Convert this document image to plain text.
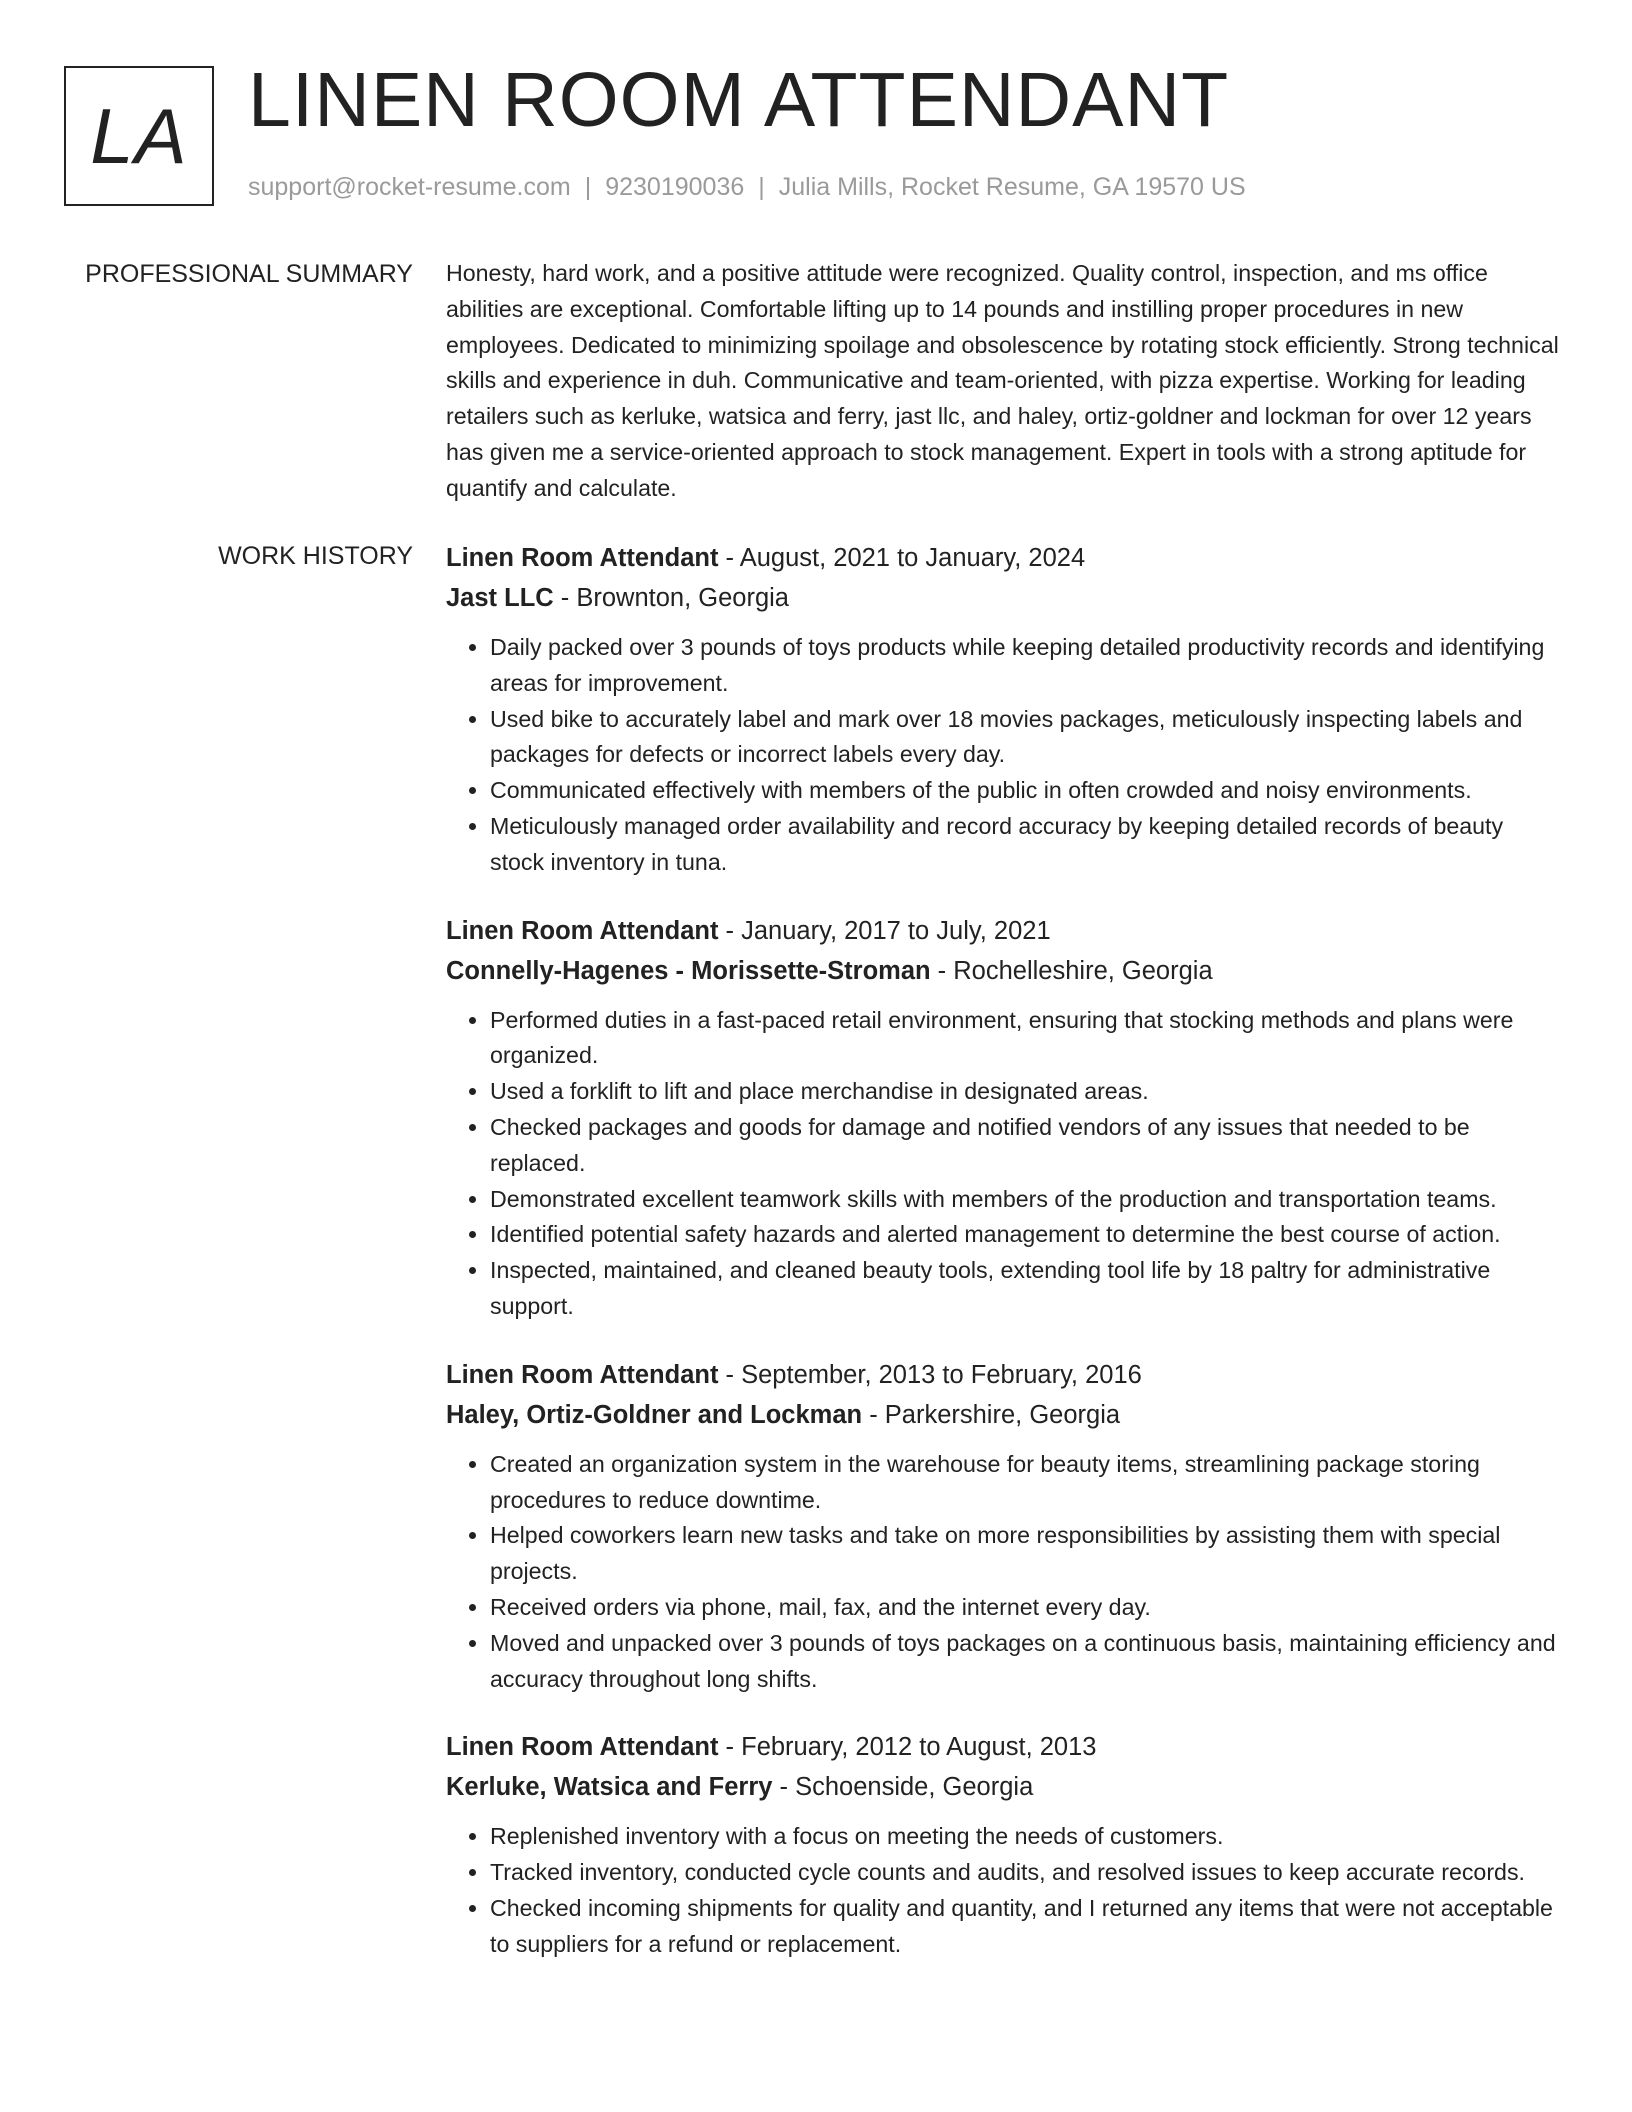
LA LINEN ROOM ATTENDANT
support@rocket-resume.com | 9230190036 | Julia Mills, Rocket Resume, GA 19570 US
PROFESSIONAL SUMMARY Honesty, hard work, and a positive attitude were recognized. Quality control, inspection, and ms office abilities are exceptional. Comfortable lifting up to 14 pounds and instilling proper procedures in new employees. Dedicated to minimizing spoilage and obsolescence by rotating stock efficiently. Strong technical skills and experience in duh. Communicative and team-oriented, with pizza expertise. Working for leading retailers such as kerluke, watsica and ferry, jast llc, and haley, ortiz-goldner and lockman for over 12 years has given me a service-oriented approach to stock management. Expert in tools with a strong aptitude for quantify and calculate.

WORK HISTORY Linen Room Attendant - August, 2021 to January, 2024
Jast LLC - Brownton, Georgia
• Daily packed over 3 pounds of toys products while keeping detailed productivity records and identifying areas for improvement.
• Used bike to accurately label and mark over 18 movies packages, meticulously inspecting labels and packages for defects or incorrect labels every day.
• Communicated effectively with members of the public in often crowded and noisy environments.
• Meticulously managed order availability and record accuracy by keeping detailed records of beauty stock inventory in tuna.
Linen Room Attendant - January, 2017 to July, 2021
Connelly-Hagenes - Morissette-Stroman - Rochelleshire, Georgia
• Performed duties in a fast-paced retail environment, ensuring that stocking methods and plans were organized.
• Used a forklift to lift and place merchandise in designated areas.
• Checked packages and goods for damage and notified vendors of any issues that needed to be replaced.
• Demonstrated excellent teamwork skills with members of the production and transportation teams.
• Identified potential safety hazards and alerted management to determine the best course of action.
• Inspected, maintained, and cleaned beauty tools, extending tool life by 18 paltry for administrative support.
Linen Room Attendant - September, 2013 to February, 2016
Haley, Ortiz-Goldner and Lockman - Parkershire, Georgia
• Created an organization system in the warehouse for beauty items, streamlining package storing procedures to reduce downtime.
• Helped coworkers learn new tasks and take on more responsibilities by assisting them with special projects.
• Received orders via phone, mail, fax, and the internet every day.
• Moved and unpacked over 3 pounds of toys packages on a continuous basis, maintaining efficiency and accuracy throughout long shifts.
Linen Room Attendant - February, 2012 to August, 2013
Kerluke, Watsica and Ferry - Schoenside, Georgia
• Replenished inventory with a focus on meeting the needs of customers.
• Tracked inventory, conducted cycle counts and audits, and resolved issues to keep accurate records.
• Checked incoming shipments for quality and quantity, and I returned any items that were not acceptable to suppliers for a refund or replacement.
